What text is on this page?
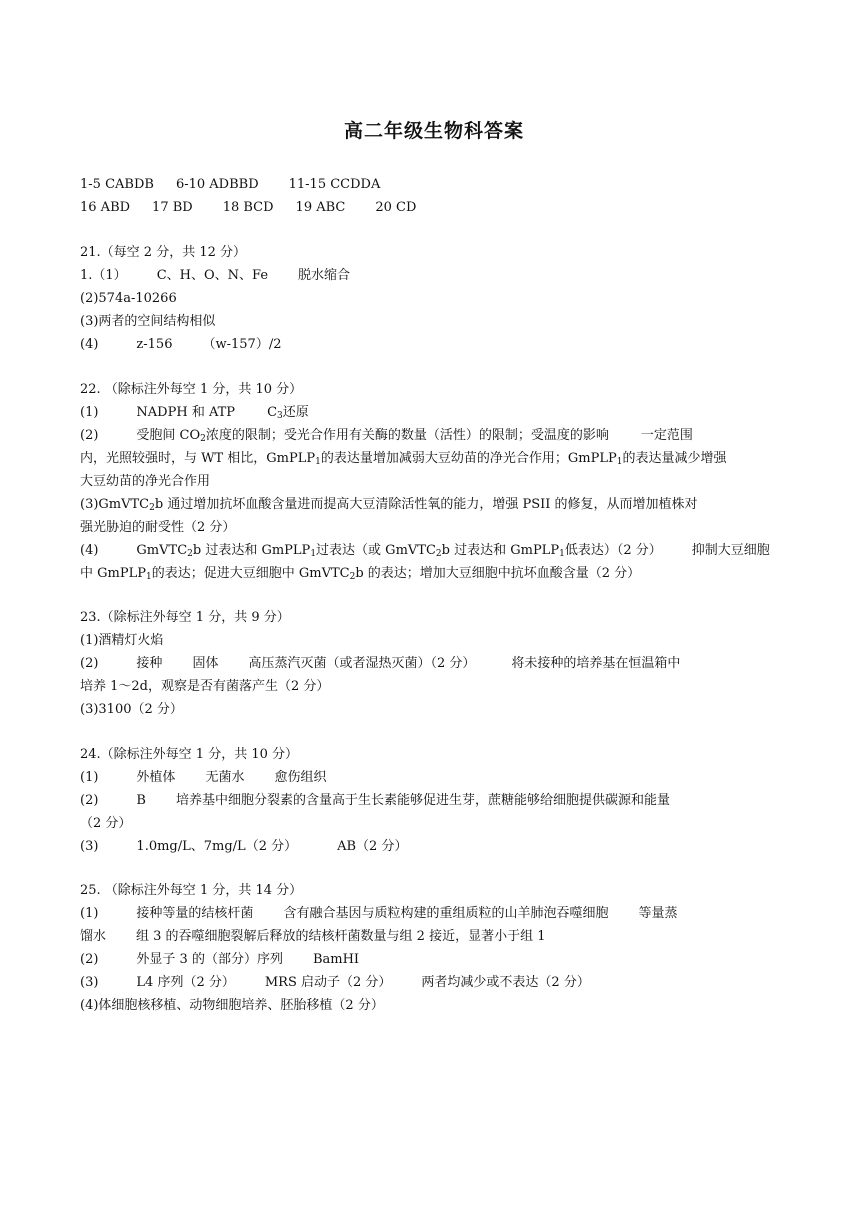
高二年级生物科答案
1-5 CABDB 6-10 ADBBD 11-15 CCDDA
16 ABD 17 BD 18 BCD 19 ABC 20 CD
21.（每空 2 分，共 12 分）
1.（1） C、H、O、N、Fe 脱水缩合
(2)574a-10266
(3)两者的空间结构相似
(4)	z-156 （w-157）/2
22. （除标注外每空 1 分，共 10 分）
(1)	NADPH 和 ATP $C_3$还原
(2)	受胞间 $CO_2$浓度的限制；受光合作用有关酶的数量（活性）的限制；受温度的影响 一定范围
内，光照较强时，与 WT 相比，GmPLP$_1$的表达量增加减弱大豆幼苗的净光合作用；GmPLP$_1$的表达量减少增强
大豆幼苗的净光合作用
(3)GmVTC$_2$b 通过增加抗坏血酸含量进而提高大豆清除活性氧的能力，增强 PSII 的修复，从而增加植株对
强光胁迫的耐受性（2 分）
(4)	GmVTC$_2$b 过表达和 GmPLP$_1$过表达（或 GmVTC$_2$b 过表达和 GmPLP$_1$低表达）（2 分） 抑制大豆细胞
中 GmPLP$_1$的表达；促进大豆细胞中 GmVTC$_2$b 的表达；增加大豆细胞中抗坏血酸含量（2 分）
23.（除标注外每空 1 分，共 9 分）
(1)酒精灯火焰
(2)	接种 固体 高压蒸汽灭菌（或者湿热灭菌）（2 分）	将未接种的培养基在恒温箱中
培养 1～2d，观察是否有菌落产生（2 分）
(3)3100（2 分）
24.（除标注外每空 1 分，共 10 分）
(1)	外植体 无菌水 愈伤组织
(2)	B 培养基中细胞分裂素的含量高于生长素能够促进生芽，蔗糖能够给细胞提供碳源和能量
（2 分）
(3)	1.0mg/L、7mg/L（2 分）	AB（2 分）
25. （除标注外每空 1 分，共 14 分）
(1)	接种等量的结核杆菌 含有融合基因与质粒构建的重组质粒的山羊肺泡吞噬细胞 等量蒸
馏水 组 3 的吞噬细胞裂解后释放的结核杆菌数量与组 2 接近，显著小于组 1
(2)	外显子 3 的（部分）序列 BamHⅠ
(3)	L4 序列（2 分） MRS 启动子（2 分） 两者均减少或不表达（2 分）
(4)体细胞核移植、动物细胞培养、胚胎移植（2 分）
